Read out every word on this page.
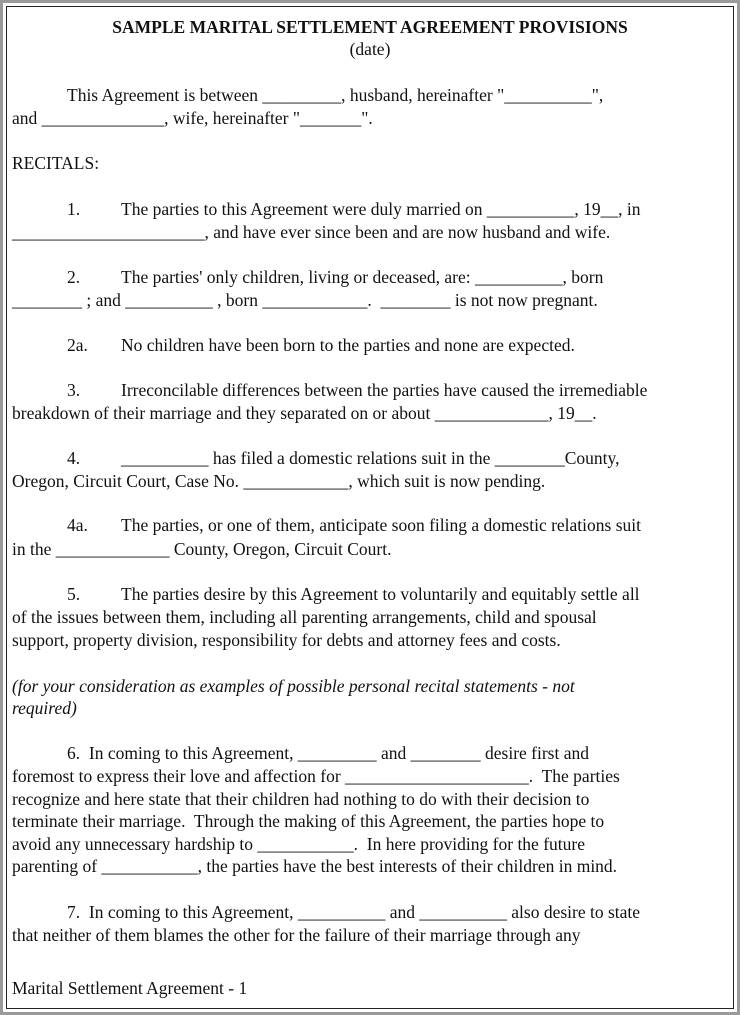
SAMPLE MARITAL SETTLEMENT AGREEMENT PROVISIONS
(date)
This Agreement is between _________, husband, hereinafter "__________",
and ______________, wife, hereinafter "_______".
RECITALS:
1. The parties to this Agreement were duly married on __________, 19__, in
______________________, and have ever since been and are now husband and wife.
2. The parties' only children, living or deceased, are: __________, born
________ ; and __________ , born ____________.  ________ is not now pregnant.
2a. No children have been born to the parties and none are expected.
3. Irreconcilable differences between the parties have caused the irremediable
breakdown of their marriage and they separated on or about _____________, 19__.
4. __________ has filed a domestic relations suit in the ________County,
Oregon, Circuit Court, Case No. ____________, which suit is now pending.
4a. The parties, or one of them, anticipate soon filing a domestic relations suit
in the _____________ County, Oregon, Circuit Court.
5. The parties desire by this Agreement to voluntarily and equitably settle all
of the issues between them, including all parenting arrangements, child and spousal
support, property division, responsibility for debts and attorney fees and costs.
(for your consideration as examples of possible personal recital statements - not
required)
6.  In coming to this Agreement, _________ and ________ desire first and
foremost to express their love and affection for _____________________.  The parties
recognize and here state that their children had nothing to do with their decision to
terminate their marriage.  Through the making of this Agreement, the parties hope to
avoid any unnecessary hardship to ___________.  In here providing for the future
parenting of ___________, the parties have the best interests of their children in mind.
7.  In coming to this Agreement, __________ and __________ also desire to state
that neither of them blames the other for the failure of their marriage through any
Marital Settlement Agreement - 1
